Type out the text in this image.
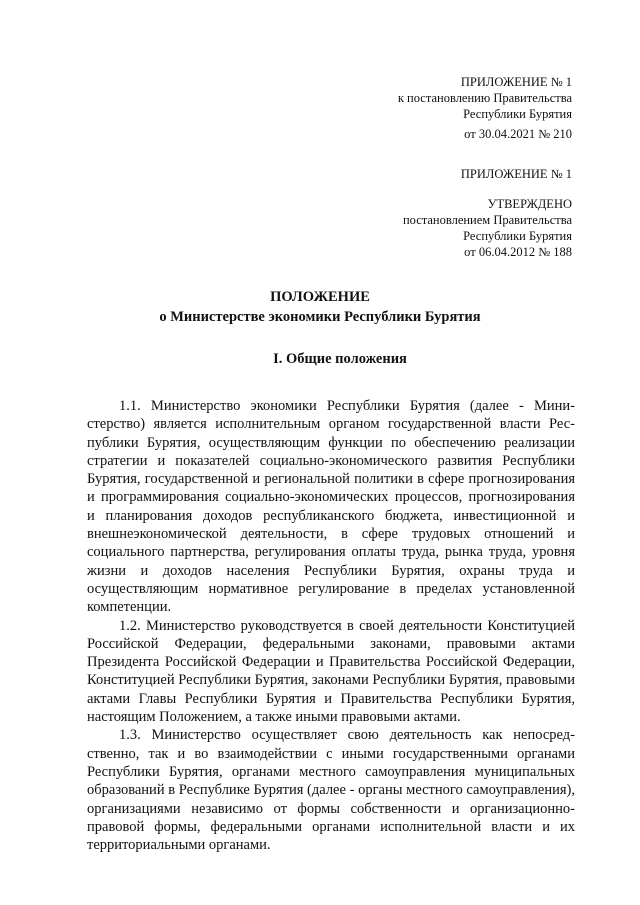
ПРИЛОЖЕНИЕ № 1
к постановлению Правительства
Республики Бурятия
от 30.04.2021 № 210
ПРИЛОЖЕНИЕ № 1
УТВЕРЖДЕНО
постановлением Правительства
Республики Бурятия
от 06.04.2012 № 188
ПОЛОЖЕНИЕ
о Министерстве экономики Республики Бурятия
I. Общие положения

1.1. Министерство экономики Республики Бурятия (далее - Министерство) является исполнительным органом государственной власти Республики Бурятия, осуществляющим функции по обеспечению реализации стратегии и показателей социально-экономического развития Республики Бурятия, государственной и региональной политики в сфере прогнозирования и программирования социально-экономических процессов, прогнозирования и планирования доходов республиканского бюджета, инвестиционной и внешнеэкономической деятельности, в сфере трудовых отношений и социального партнерства, регулирования оплаты труда, рынка труда, уровня жизни и доходов населения Республики Бурятия, охраны труда и осуществляющим нормативное регулирование в пределах установленной компетенции.

1.2. Министерство руководствуется в своей деятельности Конституцией Российской Федерации, федеральными законами, правовыми актами Президента Российской Федерации и Правительства Российской Федерации, Конституцией Республики Бурятия, законами Республики Бурятия, правовыми актами Главы Республики Бурятия и Правительства Республики Бурятия, настоящим Положением, а также иными правовыми актами.

1.3. Министерство осуществляет свою деятельность как непосредственно, так и во взаимодействии с иными государственными органами Республики Бурятия, органами местного самоуправления муниципальных образований в Республике Бурятия (далее - органы местного самоуправления), организациями независимо от формы собственности и организационно-правовой формы, федеральными органами исполнительной власти и их территориальными органами.
